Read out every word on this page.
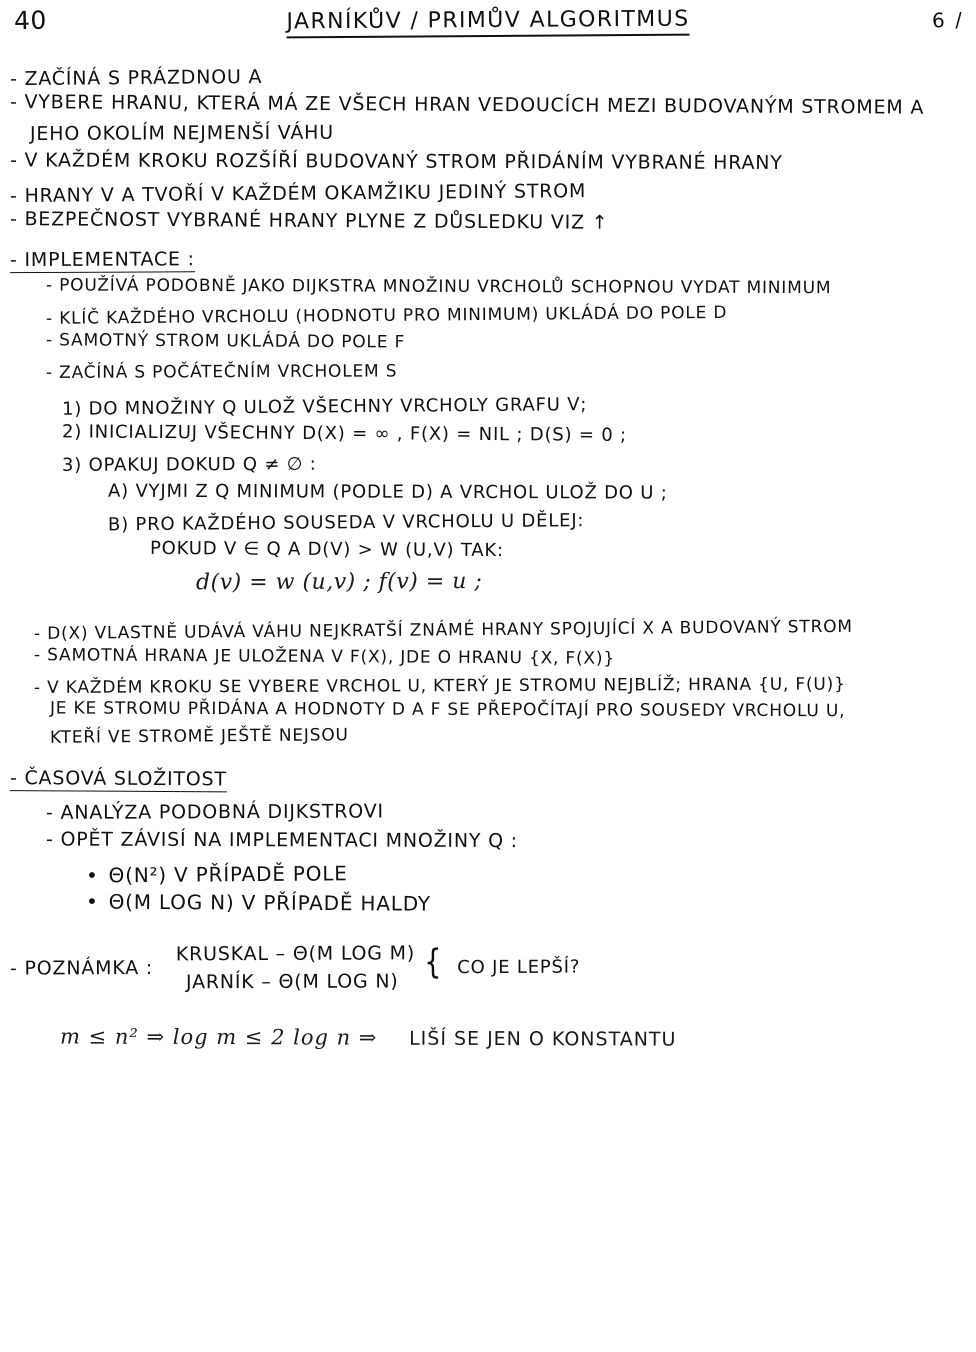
40	JARNÍKŮV / PRIMŮV ALGORITMUS	6 /
- ZAČÍNÁ S PRÁZDNOU A
- VYBERE HRANU, KTERÁ MÁ ZE VŠECH HRAN VEDOUCÍCH MEZI BUDOVANÝM STROMEM A
JEHO OKOLÍM NEJMENŠÍ VÁHU
- V KAŽDÉM KROKU ROZŠÍŘÍ BUDOVANÝ STROM PŘIDÁNÍM VYBRANÉ HRANY
- HRANY V A TVOŘÍ V KAŽDÉM OKAMŽIKU JEDINÝ STROM
- BEZPEČNOST VYBRANÉ HRANY PLYNE Z DŮSLEDKU VIZ ↑
- IMPLEMENTACE :
- POUŽÍVÁ PODOBNĚ JAKO DIJKSTRA MNOŽINU VRCHOLŮ SCHOPNOU VYDAT MINIMUM
- KLÍČ KAŽDÉHO VRCHOLU (HODNOTU PRO MINIMUM) UKLÁDÁ DO POLE D
- SAMOTNÝ STROM UKLÁDÁ DO POLE F
- ZAČÍNÁ S POČÁTEČNÍM VRCHOLEM S
1) DO MNOŽINY Q ULOŽ VŠECHNY VRCHOLY GRAFU V;
2) INICIALIZUJ VŠECHNY D(X) = ∞ , F(X) = NIL ; D(S) = 0 ;
3) OPAKUJ DOKUD Q ≠ ∅ :
A) VYJMI Z Q MINIMUM (PODLE D) A VRCHOL ULOŽ DO U ;
B) PRO KAŽDÉHO SOUSEDA V VRCHOLU U DĚLEJ:
POKUD V ∈ Q A D(V) > W (U,V) TAK:
d(v) = w (u,v) ; f(v) = u ;
- D(X) VLASTNĚ UDÁVÁ VÁHU NEJKRATŠÍ ZNÁMÉ HRANY SPOJUJÍCÍ X A BUDOVANÝ STROM
- SAMOTNÁ HRANA JE ULOŽENA V F(X), JDE O HRANU {X, F(X)}
- V KAŽDÉM KROKU SE VYBERE VRCHOL U, KTERÝ JE STROMU NEJBLÍŽ; HRANA {U, F(U)}
JE KE STROMU PŘIDÁNA A HODNOTY D A F SE PŘEPOČÍTAJÍ PRO SOUSEDY VRCHOLU U,
KTEŘÍ VE STROMĚ JEŠTĚ NEJSOU
- ČASOVÁ SLOŽITOST
- ANALÝZA PODOBNÁ DIJKSTROVI
- OPĚT ZÁVISÍ NA IMPLEMENTACI MNOŽINY Q :
• Θ(N²) V PŘÍPADĚ POLE
• Θ(M LOG N) V PŘÍPADĚ HALDY
- POZNÁMKA :
KRUSKAL – Θ(M LOG M)
JARNÍK – Θ(M LOG N)
{ CO JE LEPŠÍ?
m ≤ n² ⇒ log m ≤ 2 log n ⇒ LIŠÍ SE JEN O KONSTANTU
